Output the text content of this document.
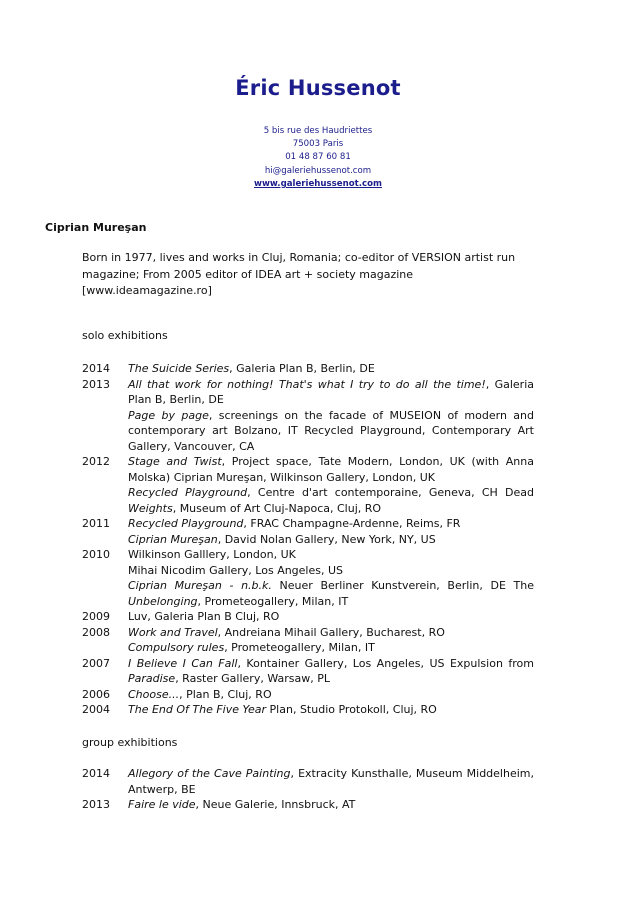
Éric Hussenot
5 bis rue des Haudriettes
75003 Paris
01 48 87 60 81
hi@galeriehussenot.com
www.galeriehussenot.com
Ciprian Mureşan
Born in 1977, lives and works in Cluj, Romania; co-editor of VERSION artist run magazine; From 2005 editor of IDEA art + society magazine [www.ideamagazine.ro]
solo exhibitions
2014	The Suicide Series, Galeria Plan B, Berlin, DE
2013	All that work for nothing! That's what I try to do all the time!, Galeria Plan B, Berlin, DE
Page by page, screenings on the facade of MUSEION of modern and contemporary art Bolzano, IT Recycled Playground, Contemporary Art Gallery, Vancouver, CA
2012	Stage and Twist, Project space, Tate Modern, London, UK (with Anna Molska) Ciprian Mureşan, Wilkinson Gallery, London, UK
Recycled Playground, Centre d'art contemporaine, Geneva, CH Dead Weights, Museum of Art Cluj-Napoca, Cluj, RO
2011	Recycled Playground, FRAC Champagne-Ardenne, Reims, FR
Ciprian Mureşan, David Nolan Gallery, New York, NY, US
2010	Wilkinson Galllery, London, UK
Mihai Nicodim Gallery, Los Angeles, US
Ciprian Mureşan - n.b.k. Neuer Berliner Kunstverein, Berlin, DE The Unbelonging, Prometeogallery, Milan, IT
2009	Luv, Galeria Plan B Cluj, RO
2008	Work and Travel, Andreiana Mihail Gallery, Bucharest, RO
Compulsory rules, Prometeogallery, Milan, IT
2007	I Believe I Can Fall, Kontainer Gallery, Los Angeles, US Expulsion from Paradise, Raster Gallery, Warsaw, PL
2006	Choose..., Plan B, Cluj, RO
2004	The End Of The Five Year Plan, Studio Protokoll, Cluj, RO
group exhibitions
2014	Allegory of the Cave Painting, Extracity Kunsthalle, Museum Middelheim, Antwerp, BE
2013	Faire le vide, Neue Galerie, Innsbruck, AT
